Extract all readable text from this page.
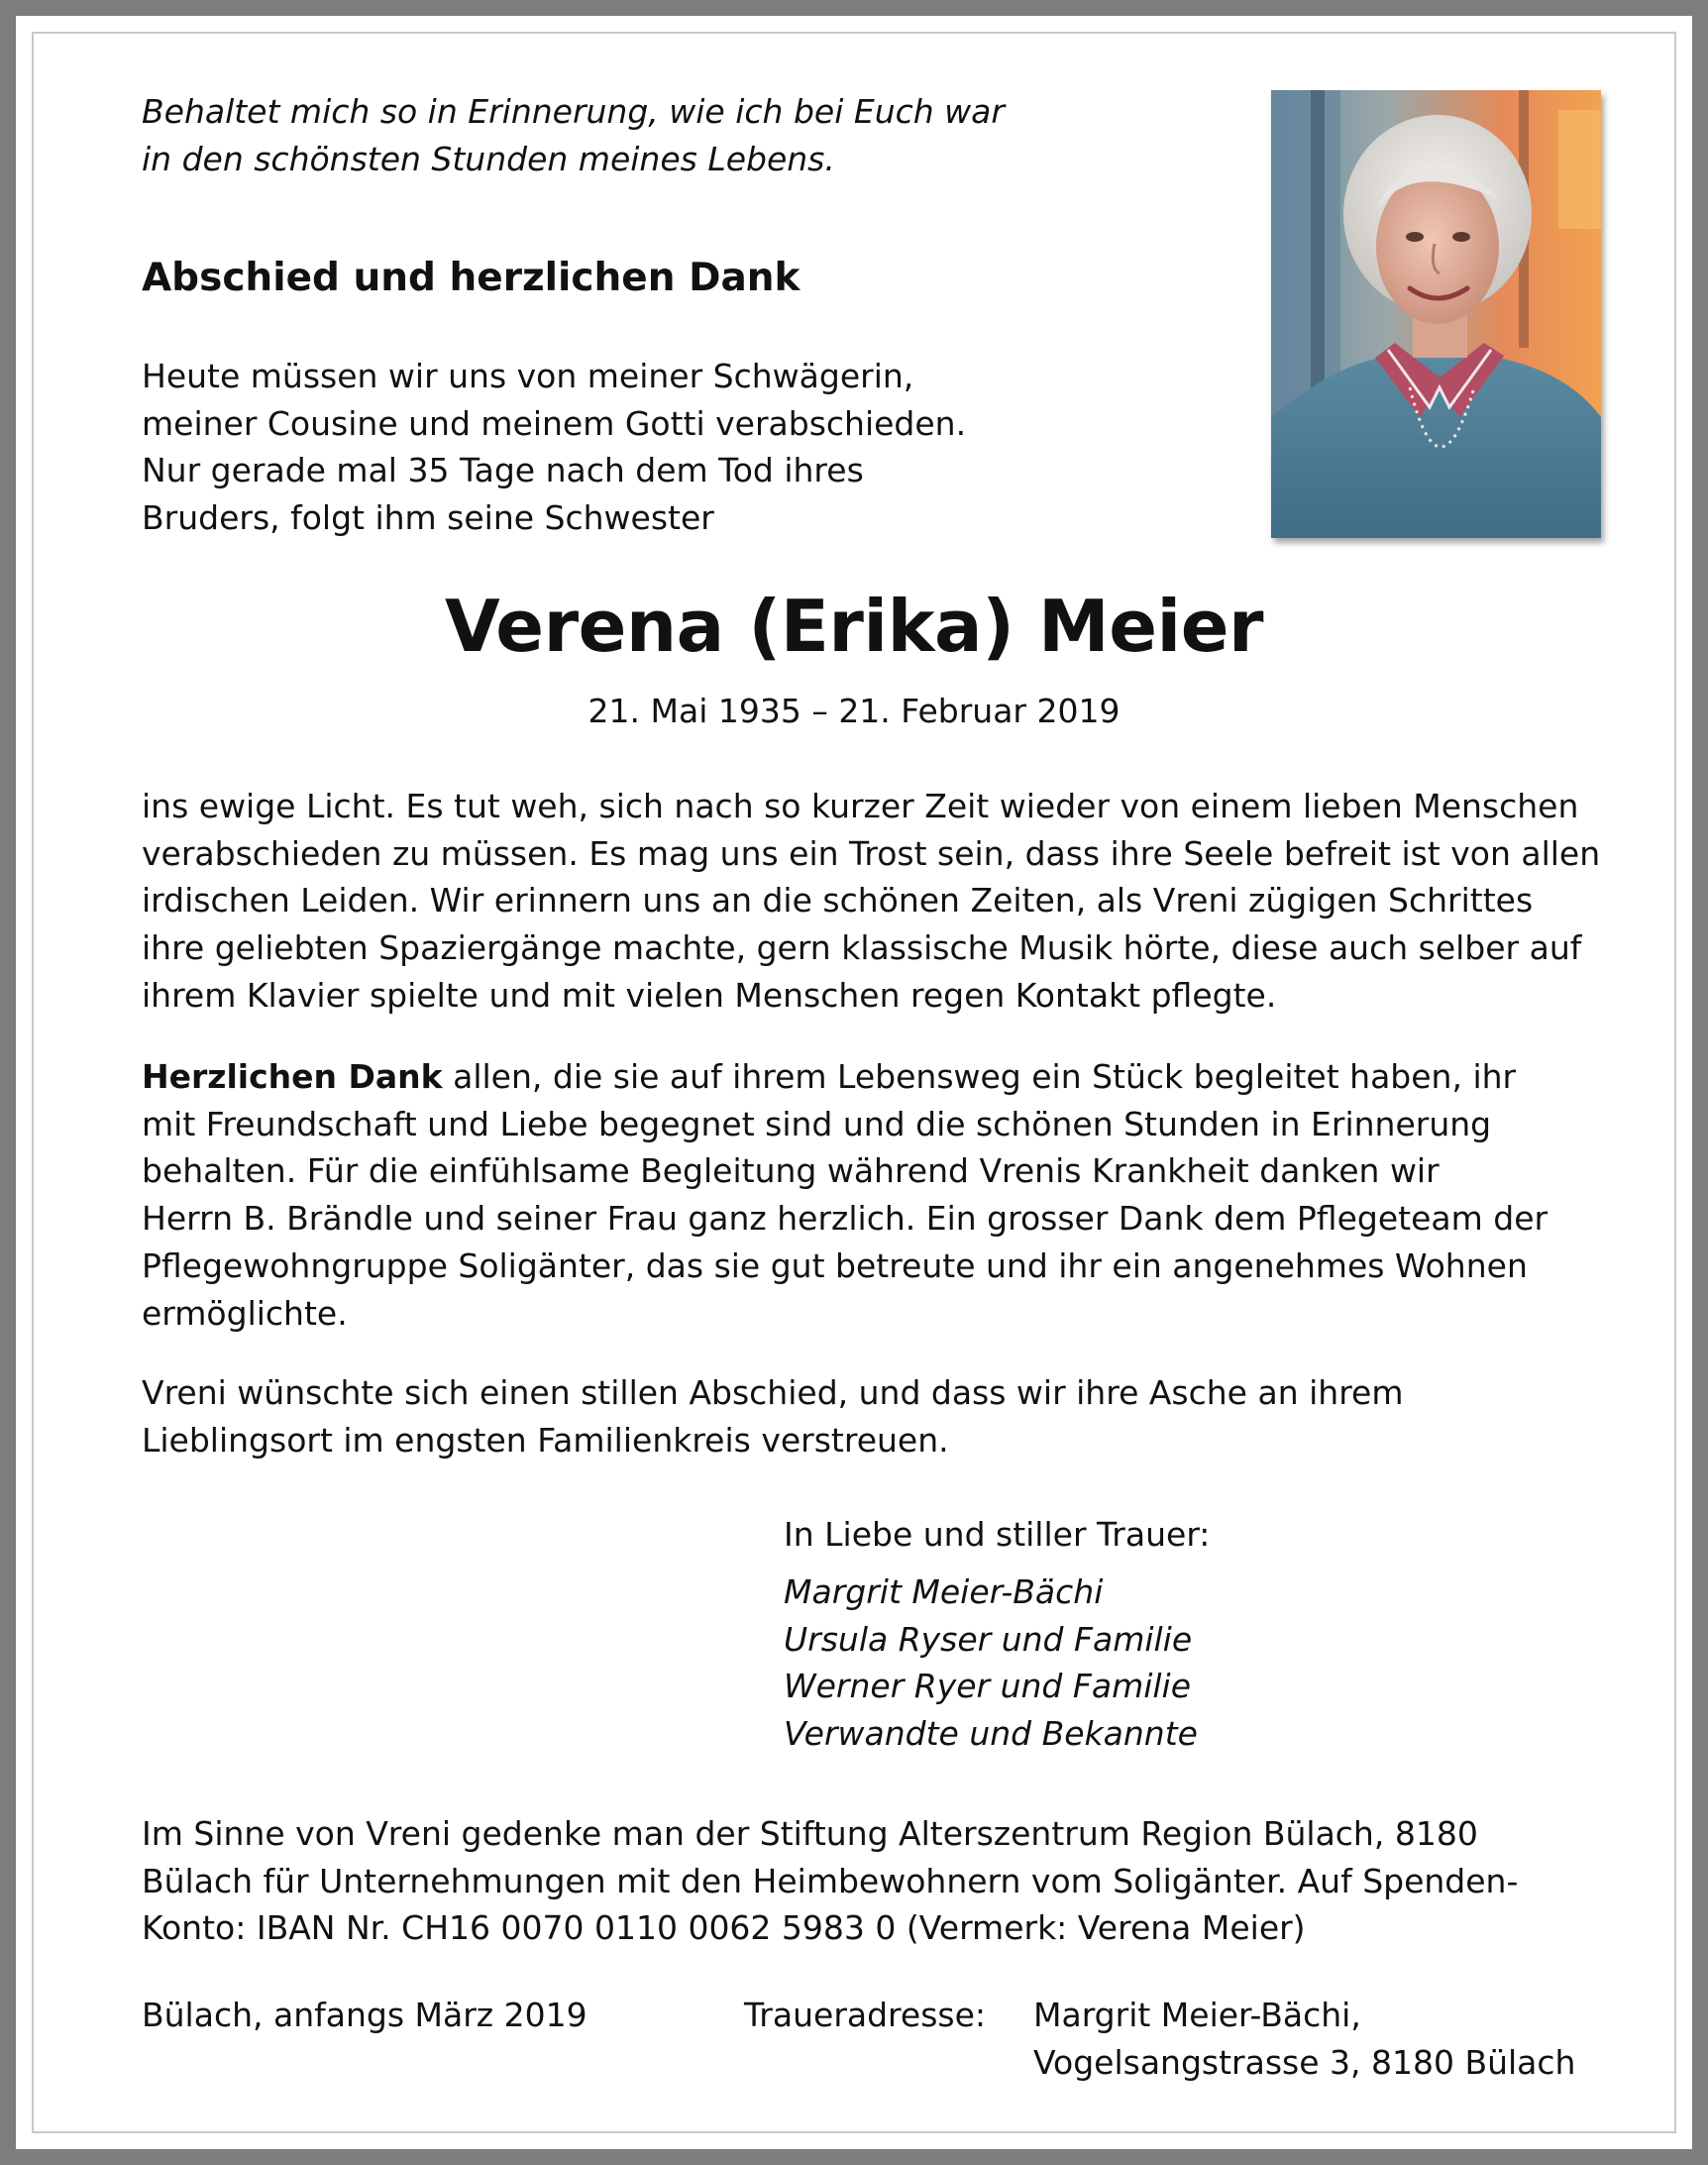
Behaltet mich so in Erinnerung, wie ich bei Euch war
in den schönsten Stunden meines Lebens.
Abschied und herzlichen Dank
Heute müssen wir uns von meiner Schwägerin,
meiner Cousine und meinem Gotti verabschieden.
Nur gerade mal 35 Tage nach dem Tod ihres
Bruders, folgt ihm seine Schwester
Verena (Erika) Meier
21. Mai 1935 – 21. Februar 2019
ins ewige Licht. Es tut weh, sich nach so kurzer Zeit wieder von einem lieben Menschen
verabschieden zu müssen. Es mag uns ein Trost sein, dass ihre Seele befreit ist von allen
irdischen Leiden. Wir erinnern uns an die schönen Zeiten, als Vreni zügigen Schrittes
ihre geliebten Spaziergänge machte, gern klassische Musik hörte, diese auch selber auf
ihrem Klavier spielte und mit vielen Menschen regen Kontakt pflegte.
Herzlichen Dank allen, die sie auf ihrem Lebensweg ein Stück begleitet haben, ihr
mit Freundschaft und Liebe begegnet sind und die schönen Stunden in Erinnerung
behalten. Für die einfühlsame Begleitung während Vrenis Krankheit danken wir
Herrn B. Brändle und seiner Frau ganz herzlich. Ein grosser Dank dem Pflegeteam der
Pflegewohngruppe Soligänter, das sie gut betreute und ihr ein angenehmes Wohnen
ermöglichte.
Vreni wünschte sich einen stillen Abschied, und dass wir ihre Asche an ihrem
Lieblingsort im engsten Familienkreis verstreuen.
In Liebe und stiller Trauer:
Margrit Meier-Bächi
Ursula Ryser und Familie
Werner Ryer und Familie
Verwandte und Bekannte
Im Sinne von Vreni gedenke man der Stiftung Alterszentrum Region Bülach, 8180
Bülach für Unternehmungen mit den Heimbewohnern vom Soligänter. Auf Spenden-
Konto: IBAN Nr. CH16 0070 0110 0062 5983 0 (Vermerk: Verena Meier)
Bülach, anfangs März 2019	Traueradresse: Margrit Meier-Bächi,
Vogelsangstrasse 3, 8180 Bülach
